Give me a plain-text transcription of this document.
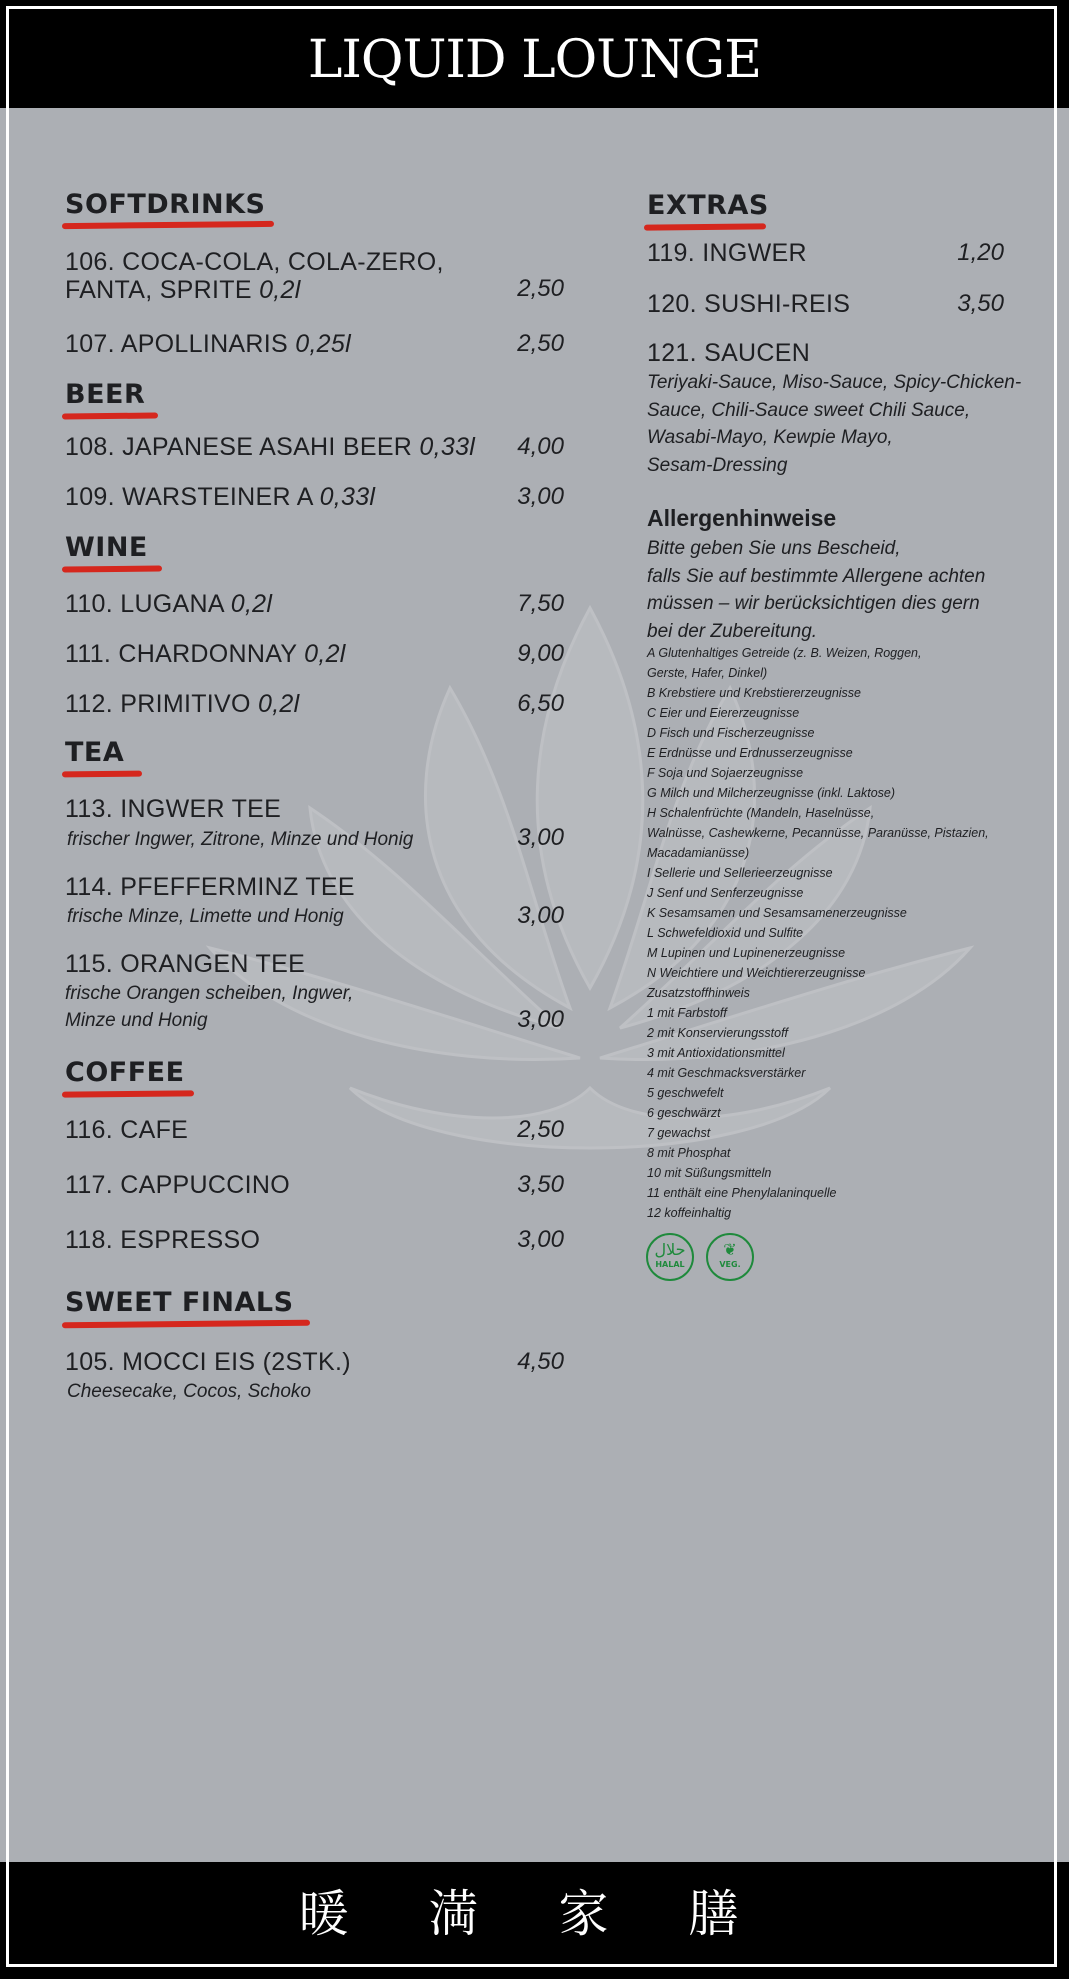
LIQUID LOUNGE
暖 満 家 膳
SOFTDRINKS
106. COCA-COLA, COLA-ZERO,
FANTA, SPRITE 0,2l	2,50
107. APOLLINARIS 0,25l	2,50
BEER
108. JAPANESE ASAHI BEER 0,33l	4,00
109. WARSTEINER A 0,33l	3,00
WINE
110. LUGANA 0,2l	7,50
111. CHARDONNAY 0,2l	9,00
112. PRIMITIVO 0,2l	6,50
TEA
113. INGWER TEE
frischer Ingwer, Zitrone, Minze und Honig	3,00
114. PFEFFERMINZ TEE
frische Minze, Limette und Honig	3,00
115. ORANGEN TEE
frische Orangen scheiben, Ingwer,
Minze und Honig	3,00
COFFEE
116. CAFE	2,50
117. CAPPUCCINO	3,50
118. ESPRESSO	3,00
SWEET FINALS
105. MOCCI EIS (2STK.)
Cheesecake, Cocos, Schoko
4,50
EXTRAS
119. INGWER	1,20
120. SUSHI-REIS	3,50
121. SAUCEN
Teriyaki-Sauce, Miso-Sauce, Spicy-Chicken-
Sauce, Chili-Sauce sweet Chili Sauce,
Wasabi-Mayo, Kewpie Mayo,
Sesam-Dressing
Allergenhinweise
Bitte geben Sie uns Bescheid,
falls Sie auf bestimmte Allergene achten
müssen – wir berücksichtigen dies gern
bei der Zubereitung.
A Glutenhaltiges Getreide (z. B. Weizen, Roggen,
Gerste, Hafer, Dinkel)
B Krebstiere und Krebstiererzeugnisse
C Eier und Eiererzeugnisse
D Fisch und Fischerzeugnisse
E Erdnüsse und Erdnusserzeugnisse
F Soja und Sojaerzeugnisse
G Milch und Milcherzeugnisse (inkl. Laktose)
H Schalenfrüchte (Mandeln, Haselnüsse,
Walnüsse, Cashewkerne, Pecannüsse, Paranüsse, Pistazien,
Macadamianüsse)
I Sellerie und Sellerieerzeugnisse
J Senf und Senferzeugnisse
K Sesamsamen und Sesamsamenerzeugnisse
L Schwefeldioxid und Sulfite
M Lupinen und Lupinenerzeugnisse
N Weichtiere und Weichtiererzeugnisse
Zusatzstoffhinweis
1 mit Farbstoff
2 mit Konservierungsstoff
3 mit Antioxidationsmittel
4 mit Geschmacksverstärker
5 geschwefelt
6 geschwärzt
7 gewachst
8 mit Phosphat
10 mit Süßungsmitteln
11 enthält eine Phenylalaninquelle
12 koffeinhaltig
حلال
HALAL
❦
VEG.
